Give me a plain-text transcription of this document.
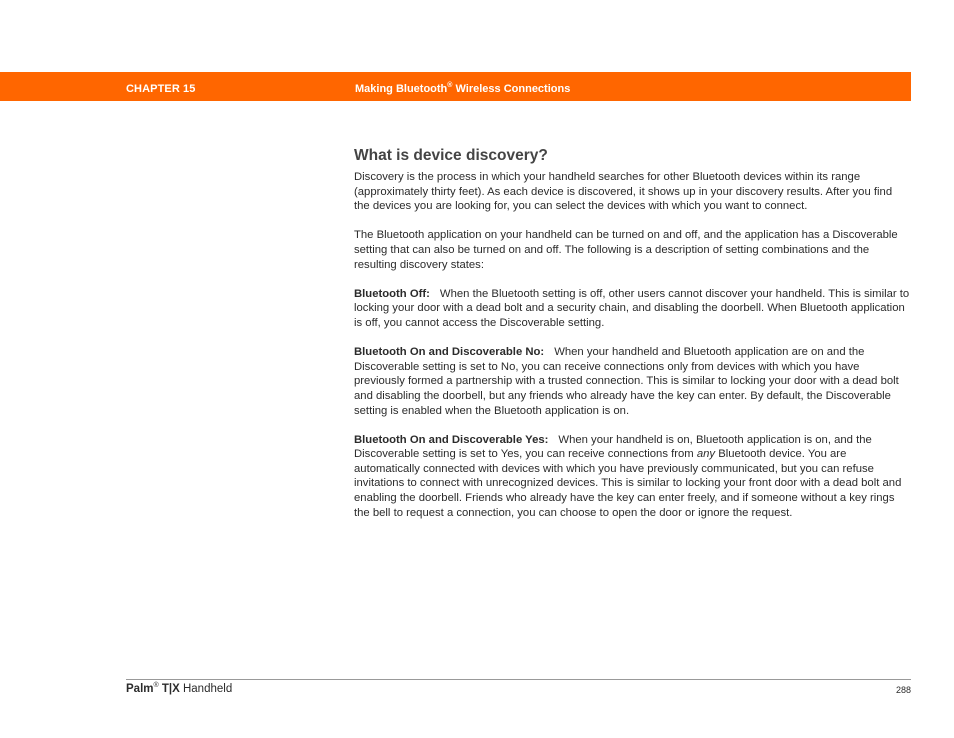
CHAPTER 15	Making Bluetooth® Wireless Connections
What is device discovery?

Discovery is the process in which your handheld searches for other Bluetooth devices within its range (approximately thirty feet). As each device is discovered, it shows up in your discovery results. After you find the devices you are looking for, you can select the devices with which you want to connect.

The Bluetooth application on your handheld can be turned on and off, and the application has a Discoverable setting that can also be turned on and off. The following is a description of setting combinations and the resulting discovery states:

Bluetooth Off: When the Bluetooth setting is off, other users cannot discover your handheld. This is similar to locking your door with a dead bolt and a security chain, and disabling the doorbell. When Bluetooth application is off, you cannot access the Discoverable setting.

Bluetooth On and Discoverable No: When your handheld and Bluetooth application are on and the Discoverable setting is set to No, you can receive connections only from devices with which you have previously formed a partnership with a trusted connection. This is similar to locking your door with a dead bolt and disabling the doorbell, but any friends who already have the key can enter. By default, the Discoverable setting is enabled when the Bluetooth application is on.

Bluetooth On and Discoverable Yes: When your handheld is on, Bluetooth application is on, and the Discoverable setting is set to Yes, you can receive connections from any Bluetooth device. You are automatically connected with devices with which you have previously communicated, but you can refuse invitations to connect with unrecognized devices. This is similar to locking your front door with a dead bolt and enabling the doorbell. Friends who already have the key can enter freely, and if someone without a key rings the bell to request a connection, you can choose to open the door or ignore the request.

Palm® T|X Handheld	288
